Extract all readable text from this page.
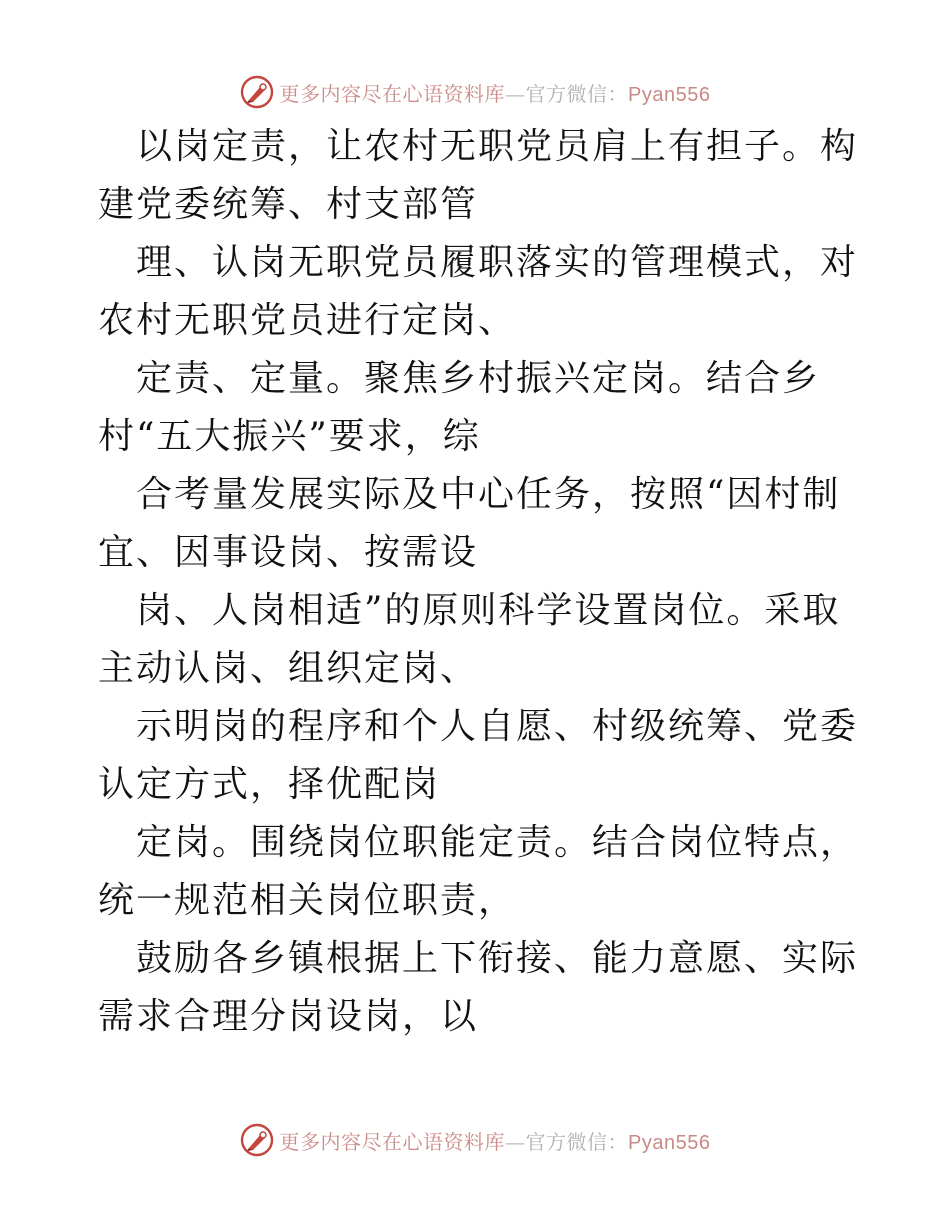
更多内容尽在心语资料库—官方微信：Pyan556

以岗定责，让农村无职党员肩上有担子。构建党委统筹、村支部管

理、认岗无职党员履职落实的管理模式，对农村无职党员进行定岗、

定责、定量。聚焦乡村振兴定岗。结合乡村“五大振兴”要求，综

合考量发展实际及中心任务，按照“因村制宜、因事设岗、按需设

岗、人岗相适”的原则科学设置岗位。采取主动认岗、组织定岗、

示明岗的程序和个人自愿、村级统筹、党委认定方式，择优配岗

定岗。围绕岗位职能定责。结合岗位特点，统一规范相关岗位职责，

鼓励各乡镇根据上下衔接、能力意愿、实际需求合理分岗设岗，以

更多内容尽在心语资料库—官方微信：Pyan556
